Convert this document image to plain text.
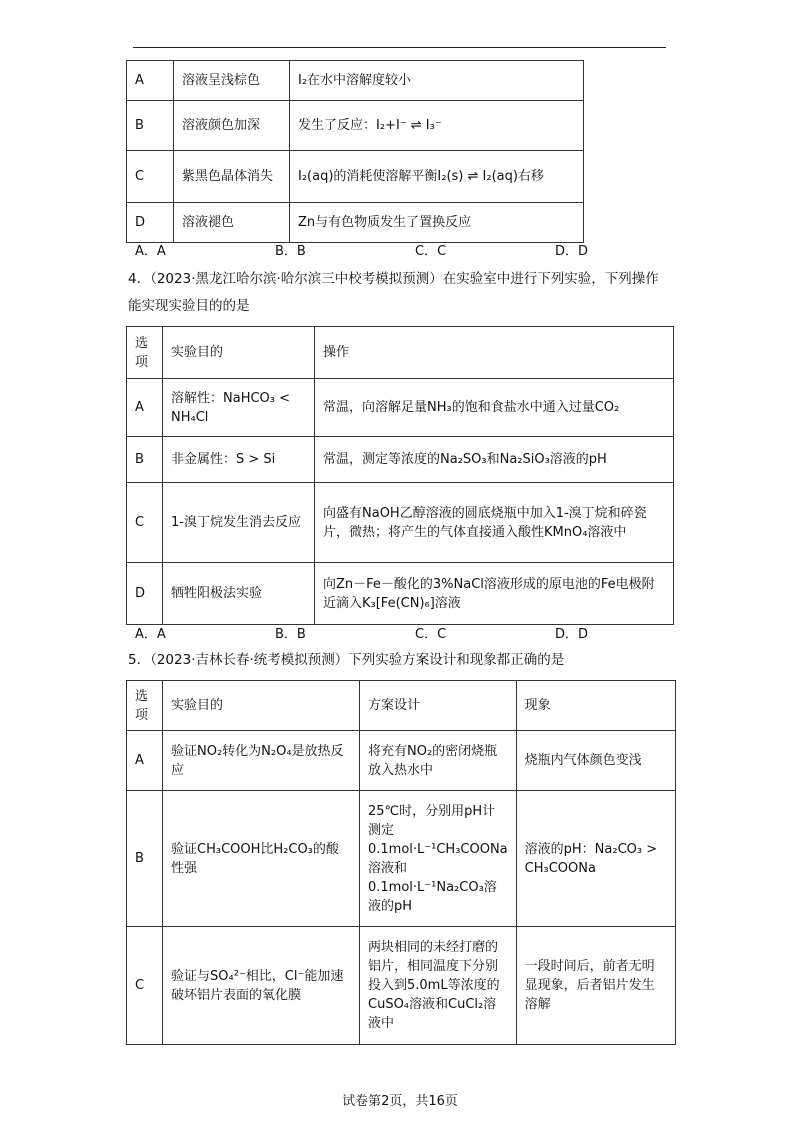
A	溶液呈浅棕色	I₂在水中溶解度较小
B	溶液颜色加深	发生了反应：I₂+I⁻ ⇌ I₃⁻
C	紫黑色晶体消失	I₂(aq)的消耗使溶解平衡I₂(s) ⇌ I₂(aq)右移
D	溶液褪色	Zn与有色物质发生了置换反应
A．A	B．B	C．C	D．D
4．（2023·黑龙江哈尔滨·哈尔滨三中校考模拟预测）在实验室中进行下列实验，下列操作能实现实验目的的是
选项	实验目的	操作
A	溶解性：NaHCO₃ < NH₄Cl	常温，向溶解足量NH₃的饱和食盐水中通入过量CO₂
B	非金属性：S > Si	常温，测定等浓度的Na₂SO₃和Na₂SiO₃溶液的pH
C	1-溴丁烷发生消去反应	向盛有NaOH乙醇溶液的圆底烧瓶中加入1-溴丁烷和碎瓷片，微热；将产生的气体直接通入酸性KMnO₄溶液中
D	牺牲阳极法实验	向Zn－Fe－酸化的3%NaCl溶液形成的原电池的Fe电极附近滴入K₃[Fe(CN)₆]溶液
A．A	B．B	C．C	D．D
5．（2023·吉林长春·统考模拟预测）下列实验方案设计和现象都正确的是
选项	实验目的	方案设计	现象
A	验证NO₂转化为N₂O₄是放热反应	将充有NO₂的密闭烧瓶放入热水中	烧瓶内气体颜色变浅
B	验证CH₃COOH比H₂CO₃的酸性强	25℃时，分别用pH计测定0.1mol·L⁻¹CH₃COONa溶液和0.1mol·L⁻¹Na₂CO₃溶液的pH	溶液的pH：Na₂CO₃ > CH₃COONa
C	验证与SO₄²⁻相比，Cl⁻能加速破坏铝片表面的氧化膜	两块相同的未经打磨的铝片，相同温度下分别投入到5.0mL等浓度的CuSO₄溶液和CuCl₂溶液中	一段时间后，前者无明显现象，后者铝片发生溶解
试卷第2页，共16页
